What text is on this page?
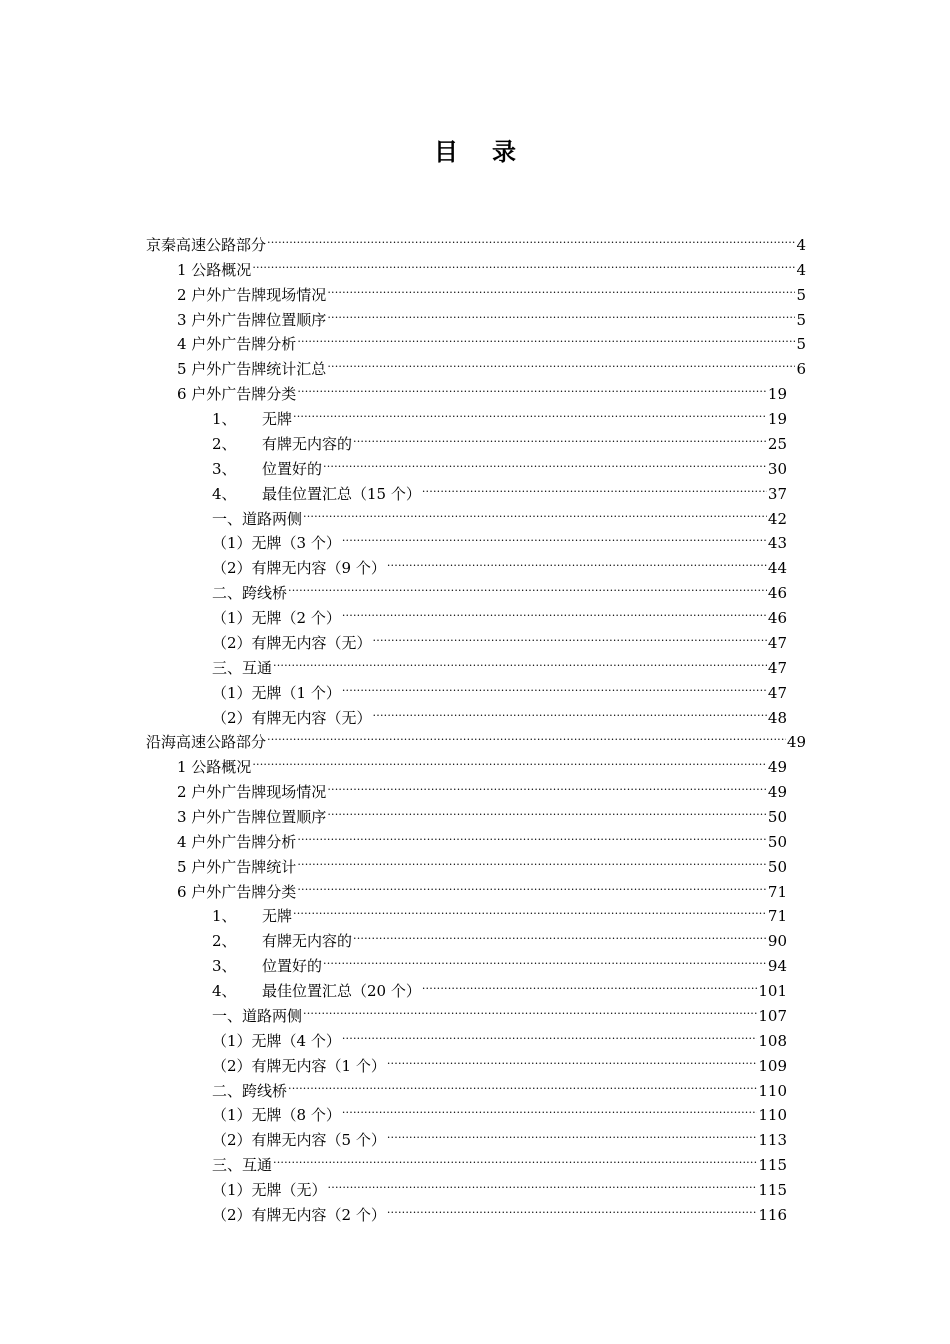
目 录
京秦高速公路部分 .....	4
1 公路概况 .....	4
2 户外广告牌现场情况 .....	5
3 户外广告牌位置顺序 .....	5
4 户外广告牌分析 .....	5
5 户外广告牌统计汇总 .....	6
6 户外广告牌分类 .....	19
1、	无牌 .....	19
2、	有牌无内容的 .....	25
3、	位置好的 .....	30
4、	最佳位置汇总（15 个） .....	37
一、道路两侧 .....	42
（1）无牌（3 个） .....	43
（2）有牌无内容（9 个） .....	44
二、跨线桥 .....	46
（1）无牌（2 个） .....	46
（2）有牌无内容（无） .....	47
三、互通 .....	47
（1）无牌（1 个） .....	47
（2）有牌无内容（无） .....	48
沿海高速公路部分 .....	49
1 公路概况 .....	49
2 户外广告牌现场情况 .....	49
3 户外广告牌位置顺序 .....	50
4 户外广告牌分析 .....	50
5 户外广告牌统计 .....	50
6 户外广告牌分类 .....	71
1、	无牌 .....	71
2、	有牌无内容的 .....	90
3、	位置好的 .....	94
4、	最佳位置汇总（20 个） .....	101
一、道路两侧 .....	107
（1）无牌（4 个） .....	108
（2）有牌无内容（1 个） .....	109
二、跨线桥 .....	110
（1）无牌（8 个） .....	110
（2）有牌无内容（5 个） .....	113
三、互通 .....	115
（1）无牌（无） .....	115
（2）有牌无内容（2 个） .....	116
